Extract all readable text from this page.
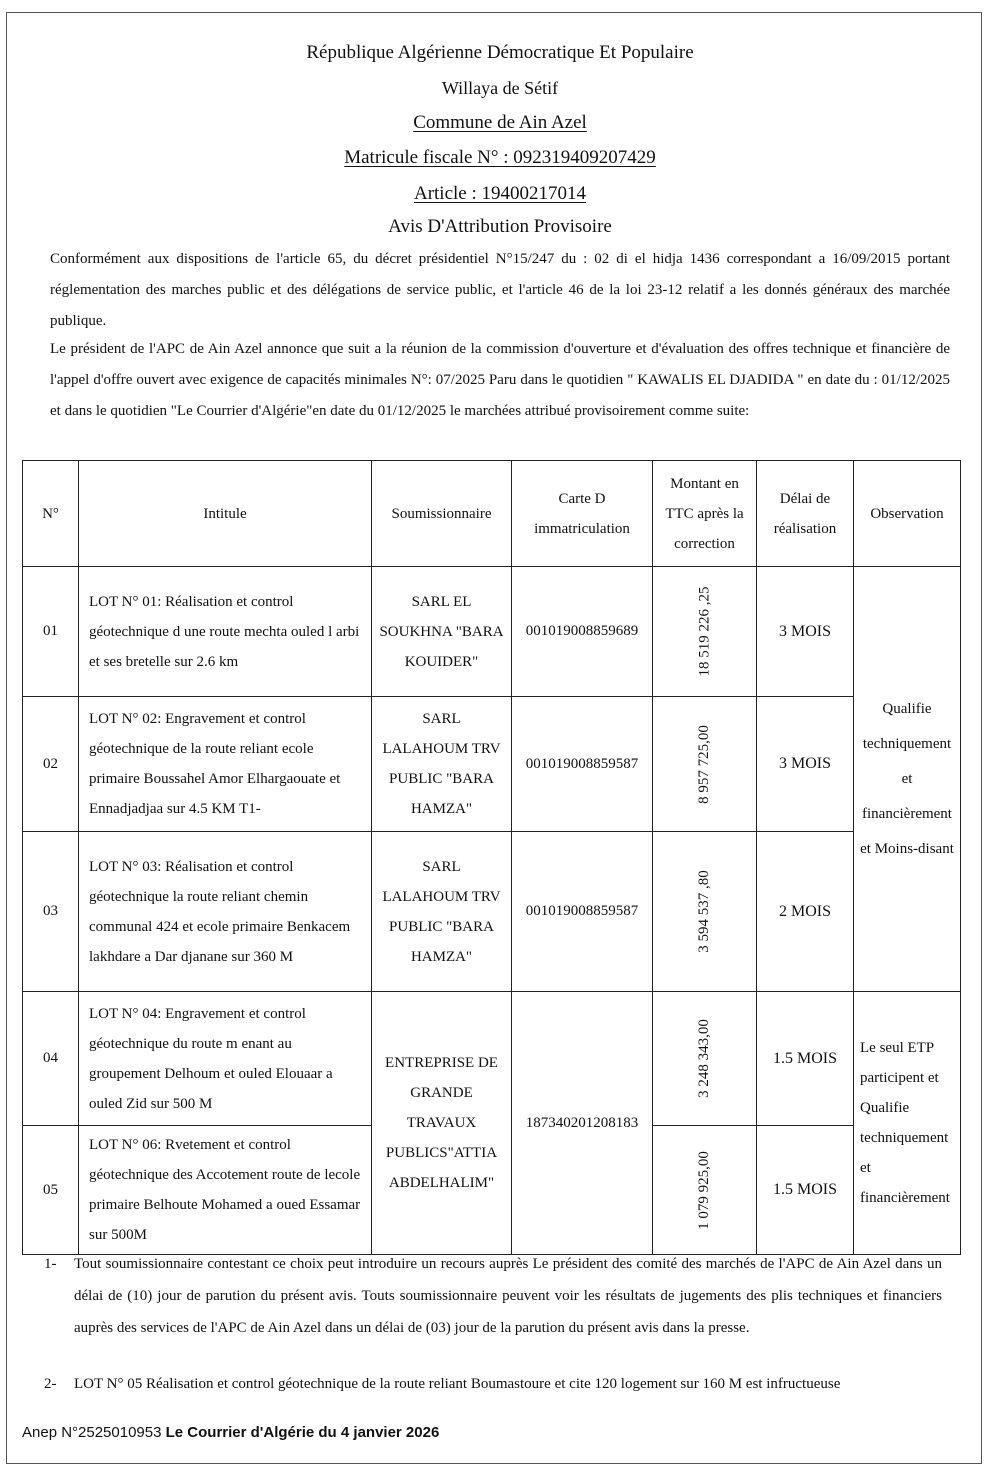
République Algérienne Démocratique Et Populaire
Willaya de Sétif
Commune de Ain Azel
Matricule fiscale N° : 092319409207429
Article : 19400217014
Avis D'Attribution Provisoire
Conformément aux dispositions de l'article 65, du décret présidentiel N°15/247 du : 02 di el hidja 1436 correspondant a 16/09/2015 portant réglementation des marches public et des délégations de service public, et l'article 46 de la loi 23-12 relatif a les donnés généraux des marchée publique.
Le président de l'APC de Ain Azel annonce que suit a la réunion de la commission d'ouverture et d'évaluation des offres technique et financière de l'appel d'offre ouvert avec exigence de capacités minimales N°: 07/2025 Paru dans le quotidien " KAWALIS EL DJADIDA " en date du : 01/12/2025 et dans le quotidien "Le Courrier d'Algérie"en date du 01/12/2025 le marchées attribué provisoirement comme suite:
N°	Intitule	Soumissionnaire	Carte D immatriculation	Montant en TTC après la correction	Délai de réalisation	Observation
01	LOT N° 01: Réalisation et control géotechnique d une route mechta ouled l arbi et ses bretelle sur 2.6 km	SARL EL SOUKHNA "BARA KOUIDER"	001019008859689	18 519 226 ,25	3 MOIS	Qualifie techniquement et financièrement et Moins-disant
02	LOT N° 02: Engravement et control géotechnique de la route reliant ecole primaire Boussahel Amor Elhargaouate et Ennadjadjaa sur 4.5 KM T1-	SARL LALAHOUM TRV PUBLIC "BARA HAMZA"	001019008859587	8 957 725,00	3 MOIS	
03	LOT N° 03: Réalisation et control géotechnique la route reliant chemin communal 424 et ecole primaire Benkacem lakhdare a Dar djanane sur 360 M	SARL LALAHOUM TRV PUBLIC "BARA HAMZA"	001019008859587	3 594 537 ,80	2 MOIS	
04	LOT N° 04: Engravement et control géotechnique du route m enant au groupement Delhoum et ouled Elouaar a ouled Zid sur 500 M	ENTREPRISE DE GRANDE TRAVAUX PUBLICS"ATTIA ABDELHALIM"	187340201208183	3 248 343,00	1.5 MOIS	Le seul ETP participent et Qualifie techniquement et financièrement
05	LOT N° 06: Rvetement et control géotechnique des Accotement route de lecole primaire Belhoute Mohamed a oued Essamar sur 500M			1 079 925,00	1.5 MOIS	
1- Tout soumissionnaire contestant ce choix peut introduire un recours auprès Le président des comité des marchés de l'APC de Ain Azel dans un délai de (10) jour de parution du présent avis. Touts soumissionnaire peuvent voir les résultats de jugements des plis techniques et financiers auprès des services de l'APC de Ain Azel dans un délai de (03) jour de la parution du présent avis dans la presse.
2- LOT N° 05 Réalisation et control géotechnique de la route reliant Boumastoure et cite 120 logement sur 160 M est infructueuse
Anep N°2525010953 Le Courrier d'Algérie du 4 janvier 2026
